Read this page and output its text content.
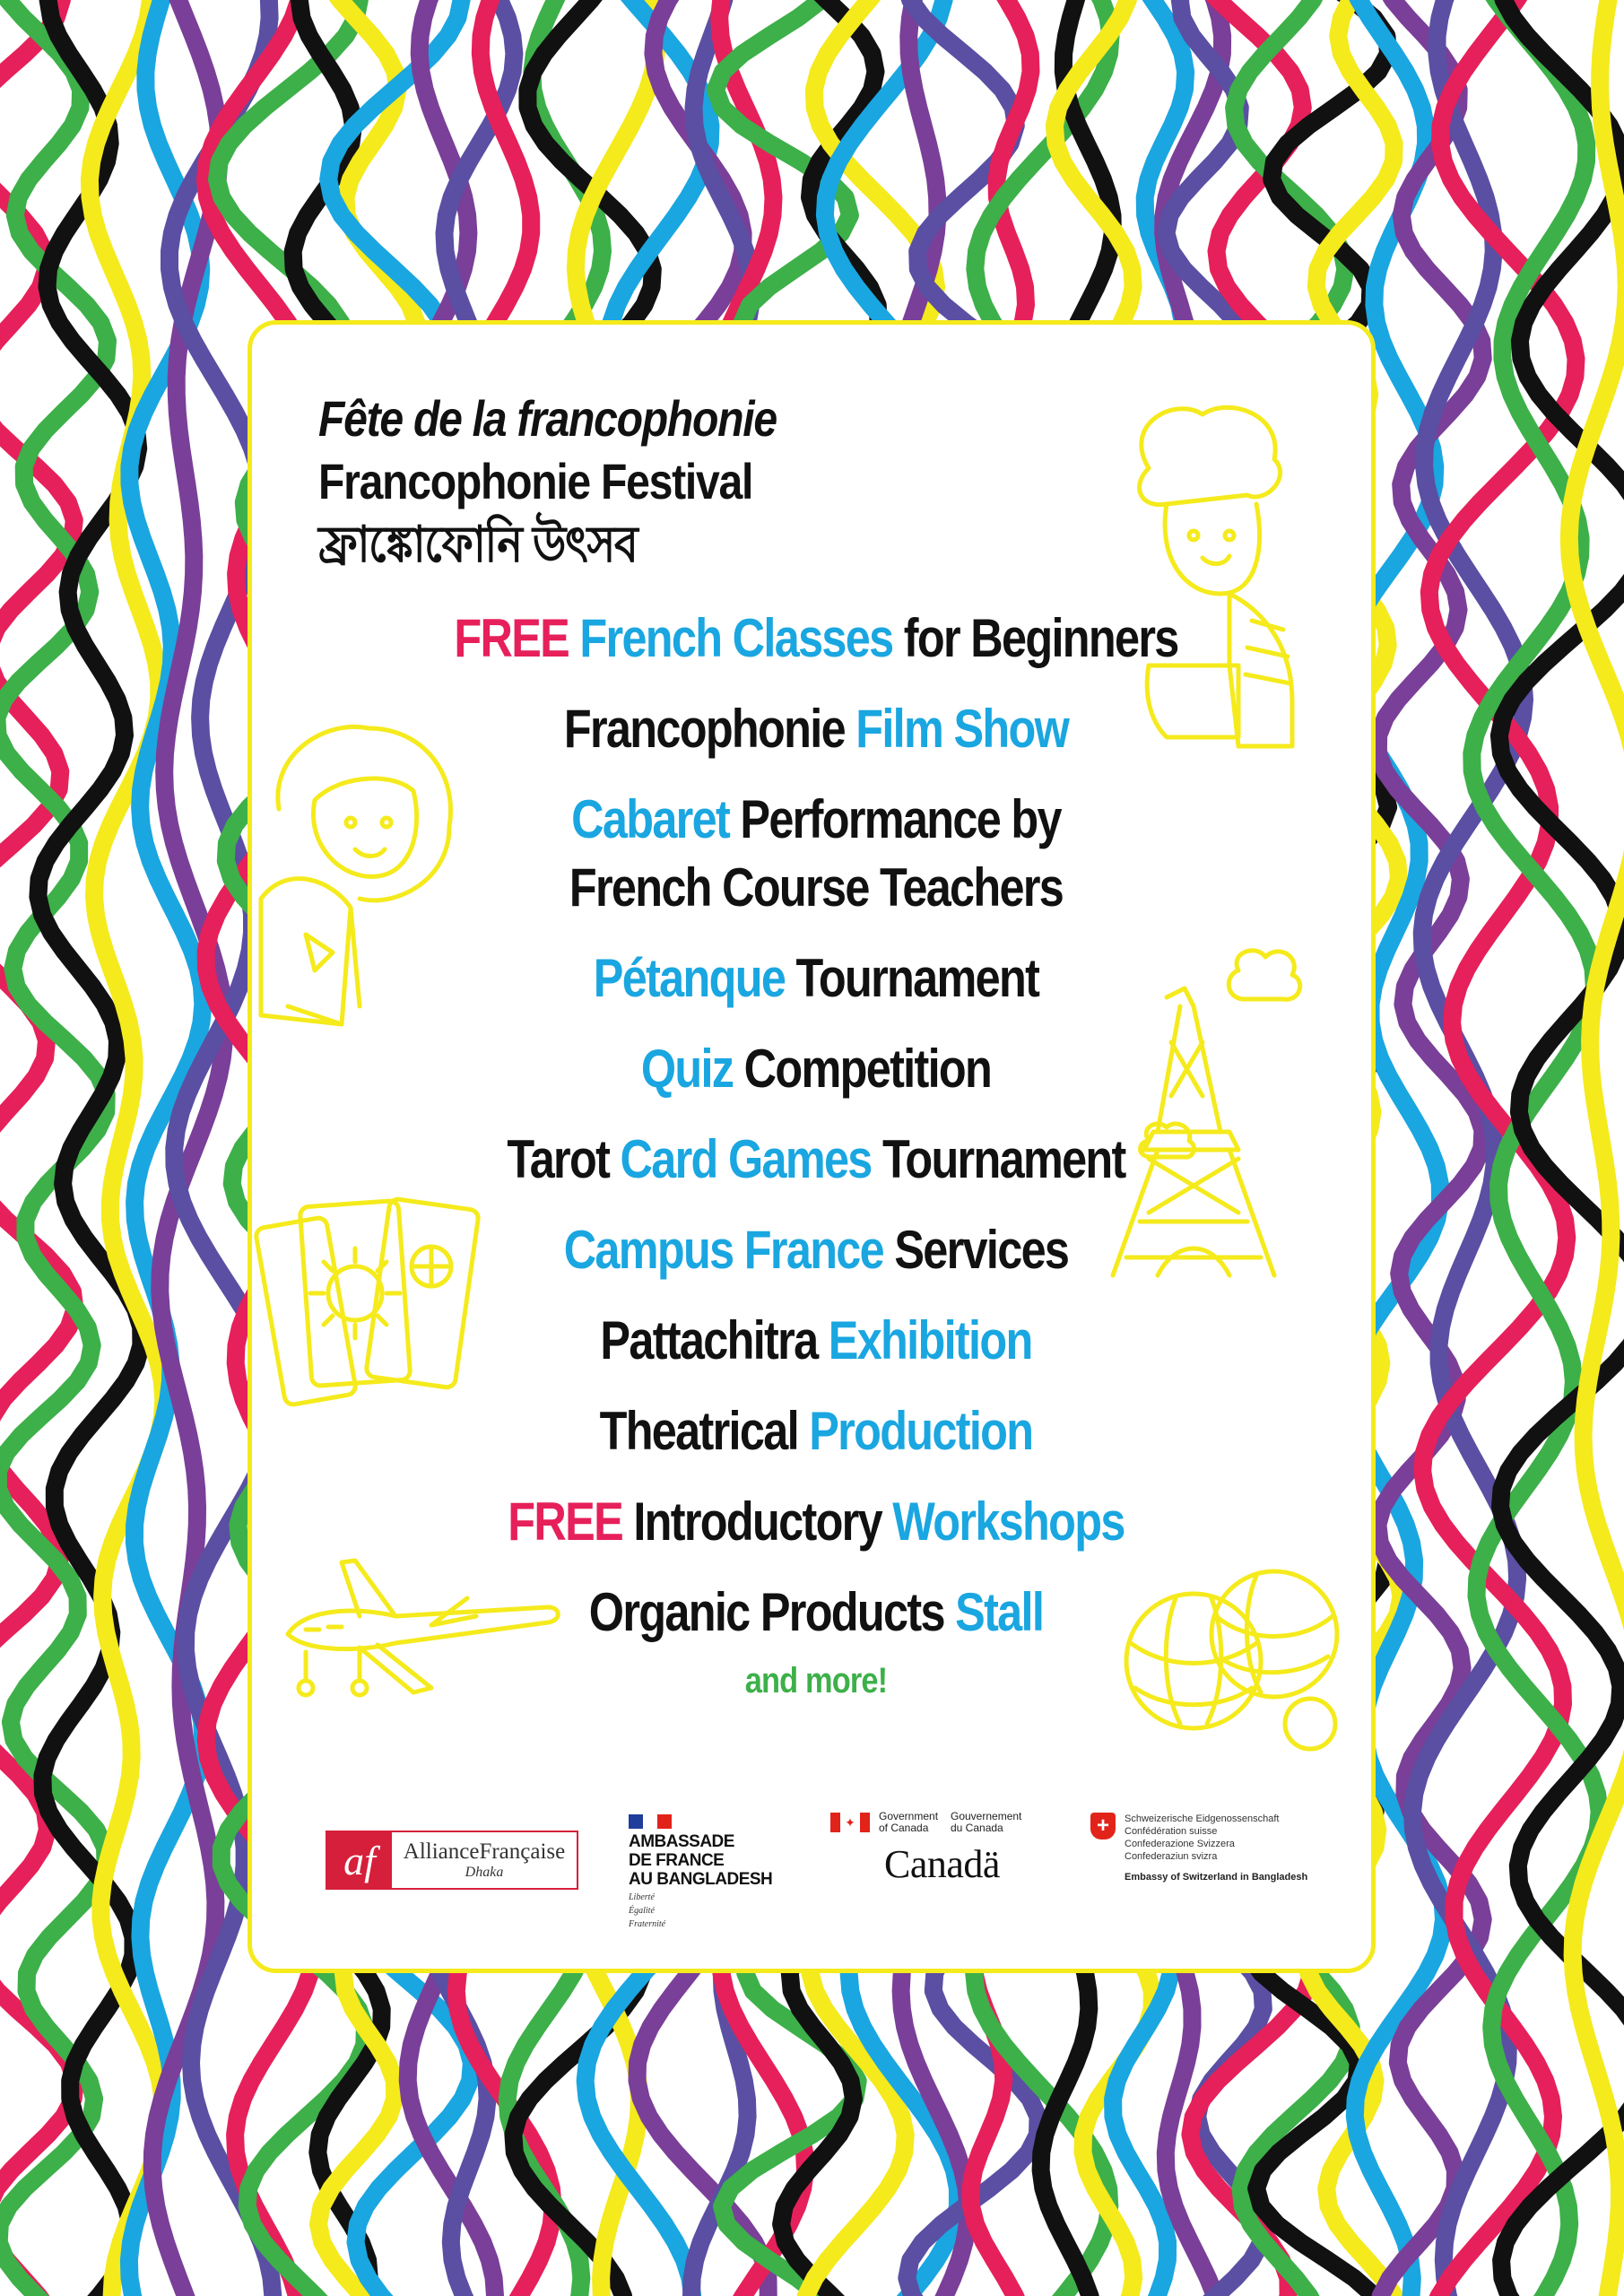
Fête de la francophonie
Francophonie Festival
ফ্রাঙ্কোফোনি উৎসব
FREE French Classes for Beginners
Francophonie Film Show
Cabaret Performance by
French Course Teachers
Pétanque Tournament
Quiz Competition
Tarot Card Games Tournament
Campus France Services
Pattachitra Exhibition
Theatrical Production
FREE Introductory Workshops
Organic Products Stall
and more!
af	AllianceFrançaise
Dhaka
AMBASSADE
DE FRANCE
AU BANGLADESH
Liberté
Égalité
Fraternité
✦	Government of Canada
Gouvernement du Canada
Canadä
+	Schweizerische Eidgenossenschaft
Confédération suisse
Confederazione Svizzera
Confederaziun svizra
Embassy of Switzerland in Bangladesh
